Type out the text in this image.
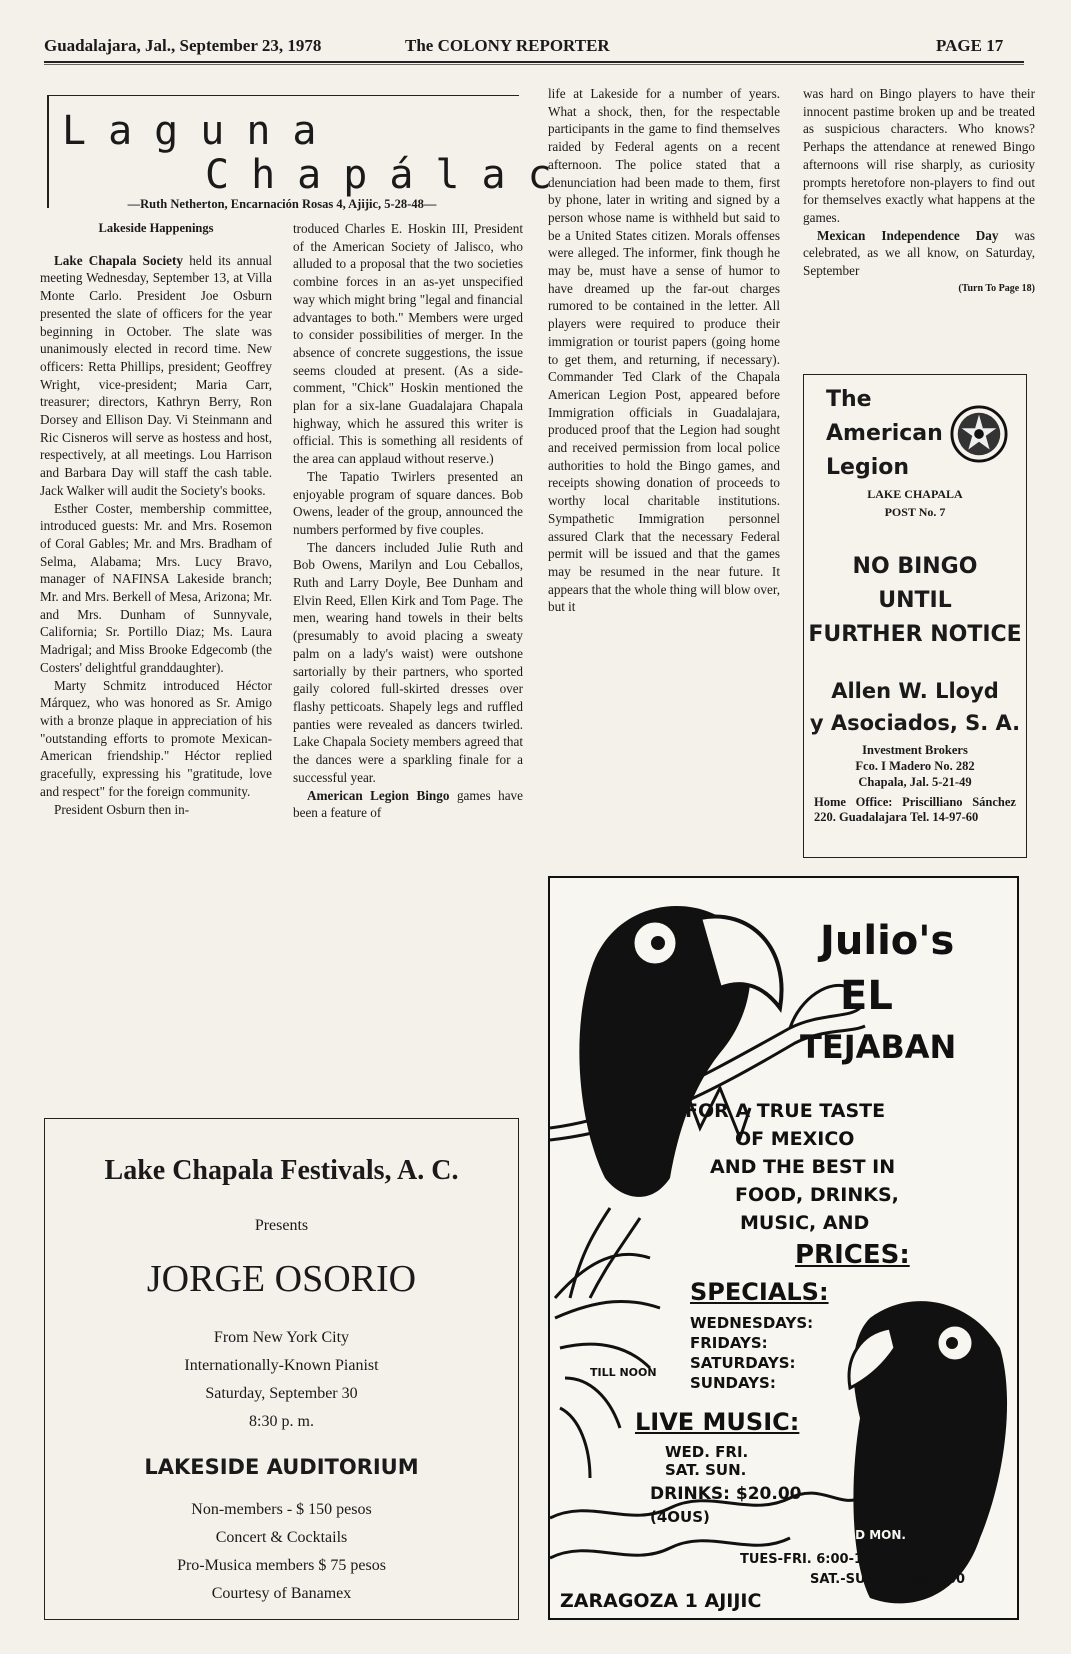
Guadalajara, Jal., September 23, 1978	The COLONY REPORTER	PAGE 17
Laguna
Chapálac
—Ruth Netherton, Encarnación Rosas 4, Ajijic, 5-28-48—
Lakeside Happenings

Lake Chapala Society held its annual meeting Wednesday, September 13, at Villa Monte Carlo. President Joe Osburn presented the slate of officers for the year beginning in October. The slate was unanimously elected in record time. New officers: Retta Phillips, president; Geoffrey Wright, vice-president; Maria Carr, treasurer; directors, Kathryn Berry, Ron Dorsey and Ellison Day. Vi Steinmann and Ric Cisneros will serve as hostess and host, respectively, at all meetings. Lou Harrison and Barbara Day will staff the cash table. Jack Walker will audit the Society's books.

Esther Coster, membership committee, introduced guests: Mr. and Mrs. Rosemon of Coral Gables; Mr. and Mrs. Bradham of Selma, Alabama; Mrs. Lucy Bravo, manager of NAFINSA Lakeside branch; Mr. and Mrs. Berkell of Mesa, Arizona; Mr. and Mrs. Dunham of Sunnyvale, California; Sr. Portillo Diaz; Ms. Laura Madrigal; and Miss Brooke Edgecomb (the Costers' delightful granddaughter).

Marty Schmitz introduced Héctor Márquez, who was honored as Sr. Amigo with a bronze plaque in appreciation of his "outstanding efforts to promote Mexican-American friendship." Héctor replied gracefully, expressing his "gratitude, love and respect" for the foreign community.

President Osburn then in-

troduced Charles E. Hoskin III, President of the American Society of Jalisco, who alluded to a proposal that the two societies combine forces in an as-yet unspecified way which might bring "legal and financial advantages to both." Members were urged to consider possibilities of merger. In the absence of concrete suggestions, the issue seems clouded at present. (As a side-comment, "Chick" Hoskin mentioned the plan for a six-lane Guadalajara Chapala highway, which he assured this writer is official. This is something all residents of the area can applaud without reserve.)

The Tapatio Twirlers presented an enjoyable program of square dances. Bob Owens, leader of the group, announced the numbers performed by five couples.

The dancers included Julie Ruth and Bob Owens, Marilyn and Lou Ceballos, Ruth and Larry Doyle, Bee Dunham and Elvin Reed, Ellen Kirk and Tom Page. The men, wearing hand towels in their belts (presumably to avoid placing a sweaty palm on a lady's waist) were outshone sartorially by their partners, who sported gaily colored full-skirted dresses over flashy petticoats. Shapely legs and ruffled panties were revealed as dancers twirled. Lake Chapala Society members agreed that the dances were a sparkling finale for a successful year.

American Legion Bingo games have been a feature of

life at Lakeside for a number of years. What a shock, then, for the respectable participants in the game to find themselves raided by Federal agents on a recent afternoon. The police stated that a denunciation had been made to them, first by phone, later in writing and signed by a person whose name is withheld but said to be a United States citizen. Morals offenses were alleged. The informer, fink though he may be, must have a sense of humor to have dreamed up the far-out charges rumored to be contained in the letter. All players were required to produce their immigration or tourist papers (going home to get them, and returning, if necessary). Commander Ted Clark of the Chapala American Legion Post, appeared before Immigration officials in Guadalajara, produced proof that the Legion had sought and received permission from local police authorities to hold the Bingo games, and receipts showing donation of proceeds to worthy local charitable institutions. Sympathetic Immigration personnel assured Clark that the necessary Federal permit will be issued and that the games may be resumed in the near future. It appears that the whole thing will blow over, but it

was hard on Bingo players to have their innocent pastime broken up and be treated as suspicious characters. Who knows? Perhaps the attendance at renewed Bingo afternoons will rise sharply, as curiosity prompts heretofore non-players to find out for themselves exactly what happens at the games.

Mexican Independence Day was celebrated, as we all know, on Saturday, September

(Turn To Page 18)
The
American
Legion
LAKE CHAPALA
POST No. 7
NO BINGO
UNTIL
FURTHER NOTICE
Allen W. Lloyd
y Asociados, S. A.
Investment Brokers
Fco. I Madero No. 282
Chapala, Jal. 5-21-49
Home Office: Priscilliano Sánchez 220. Guadalajara Tel. 14-97-60
Lake Chapala Festivals, A. C.
Presents
JORGE OSORIO
From New York City
Internationally-Known Pianist
Saturday, September 30
8:30 p. m.
LAKESIDE AUDITORIUM
Non-members - $ 150 pesos
Concert & Cocktails
Pro-Musica members $ 75 pesos
Courtesy of Banamex
Julio's
EL
TEJABAN
FOR A TRUE TASTE
OF MEXICO
AND THE BEST IN
FOOD, DRINKS,
MUSIC, AND
PRICES:
SPECIALS:
WEDNESDAYS:
FRIDAYS:
SATURDAYS:
SUNDAYS:
TILL NOON
LIVE MUSIC:
WED. FRI.
SAT. SUN.
DRINKS: $20.00
(4OUS)
CLOSED MON.
TUES-FRI. 6:00-1:00
SAT.-SUN. 11:00-1:00
ZARAGOZA 1 AJIJIC
